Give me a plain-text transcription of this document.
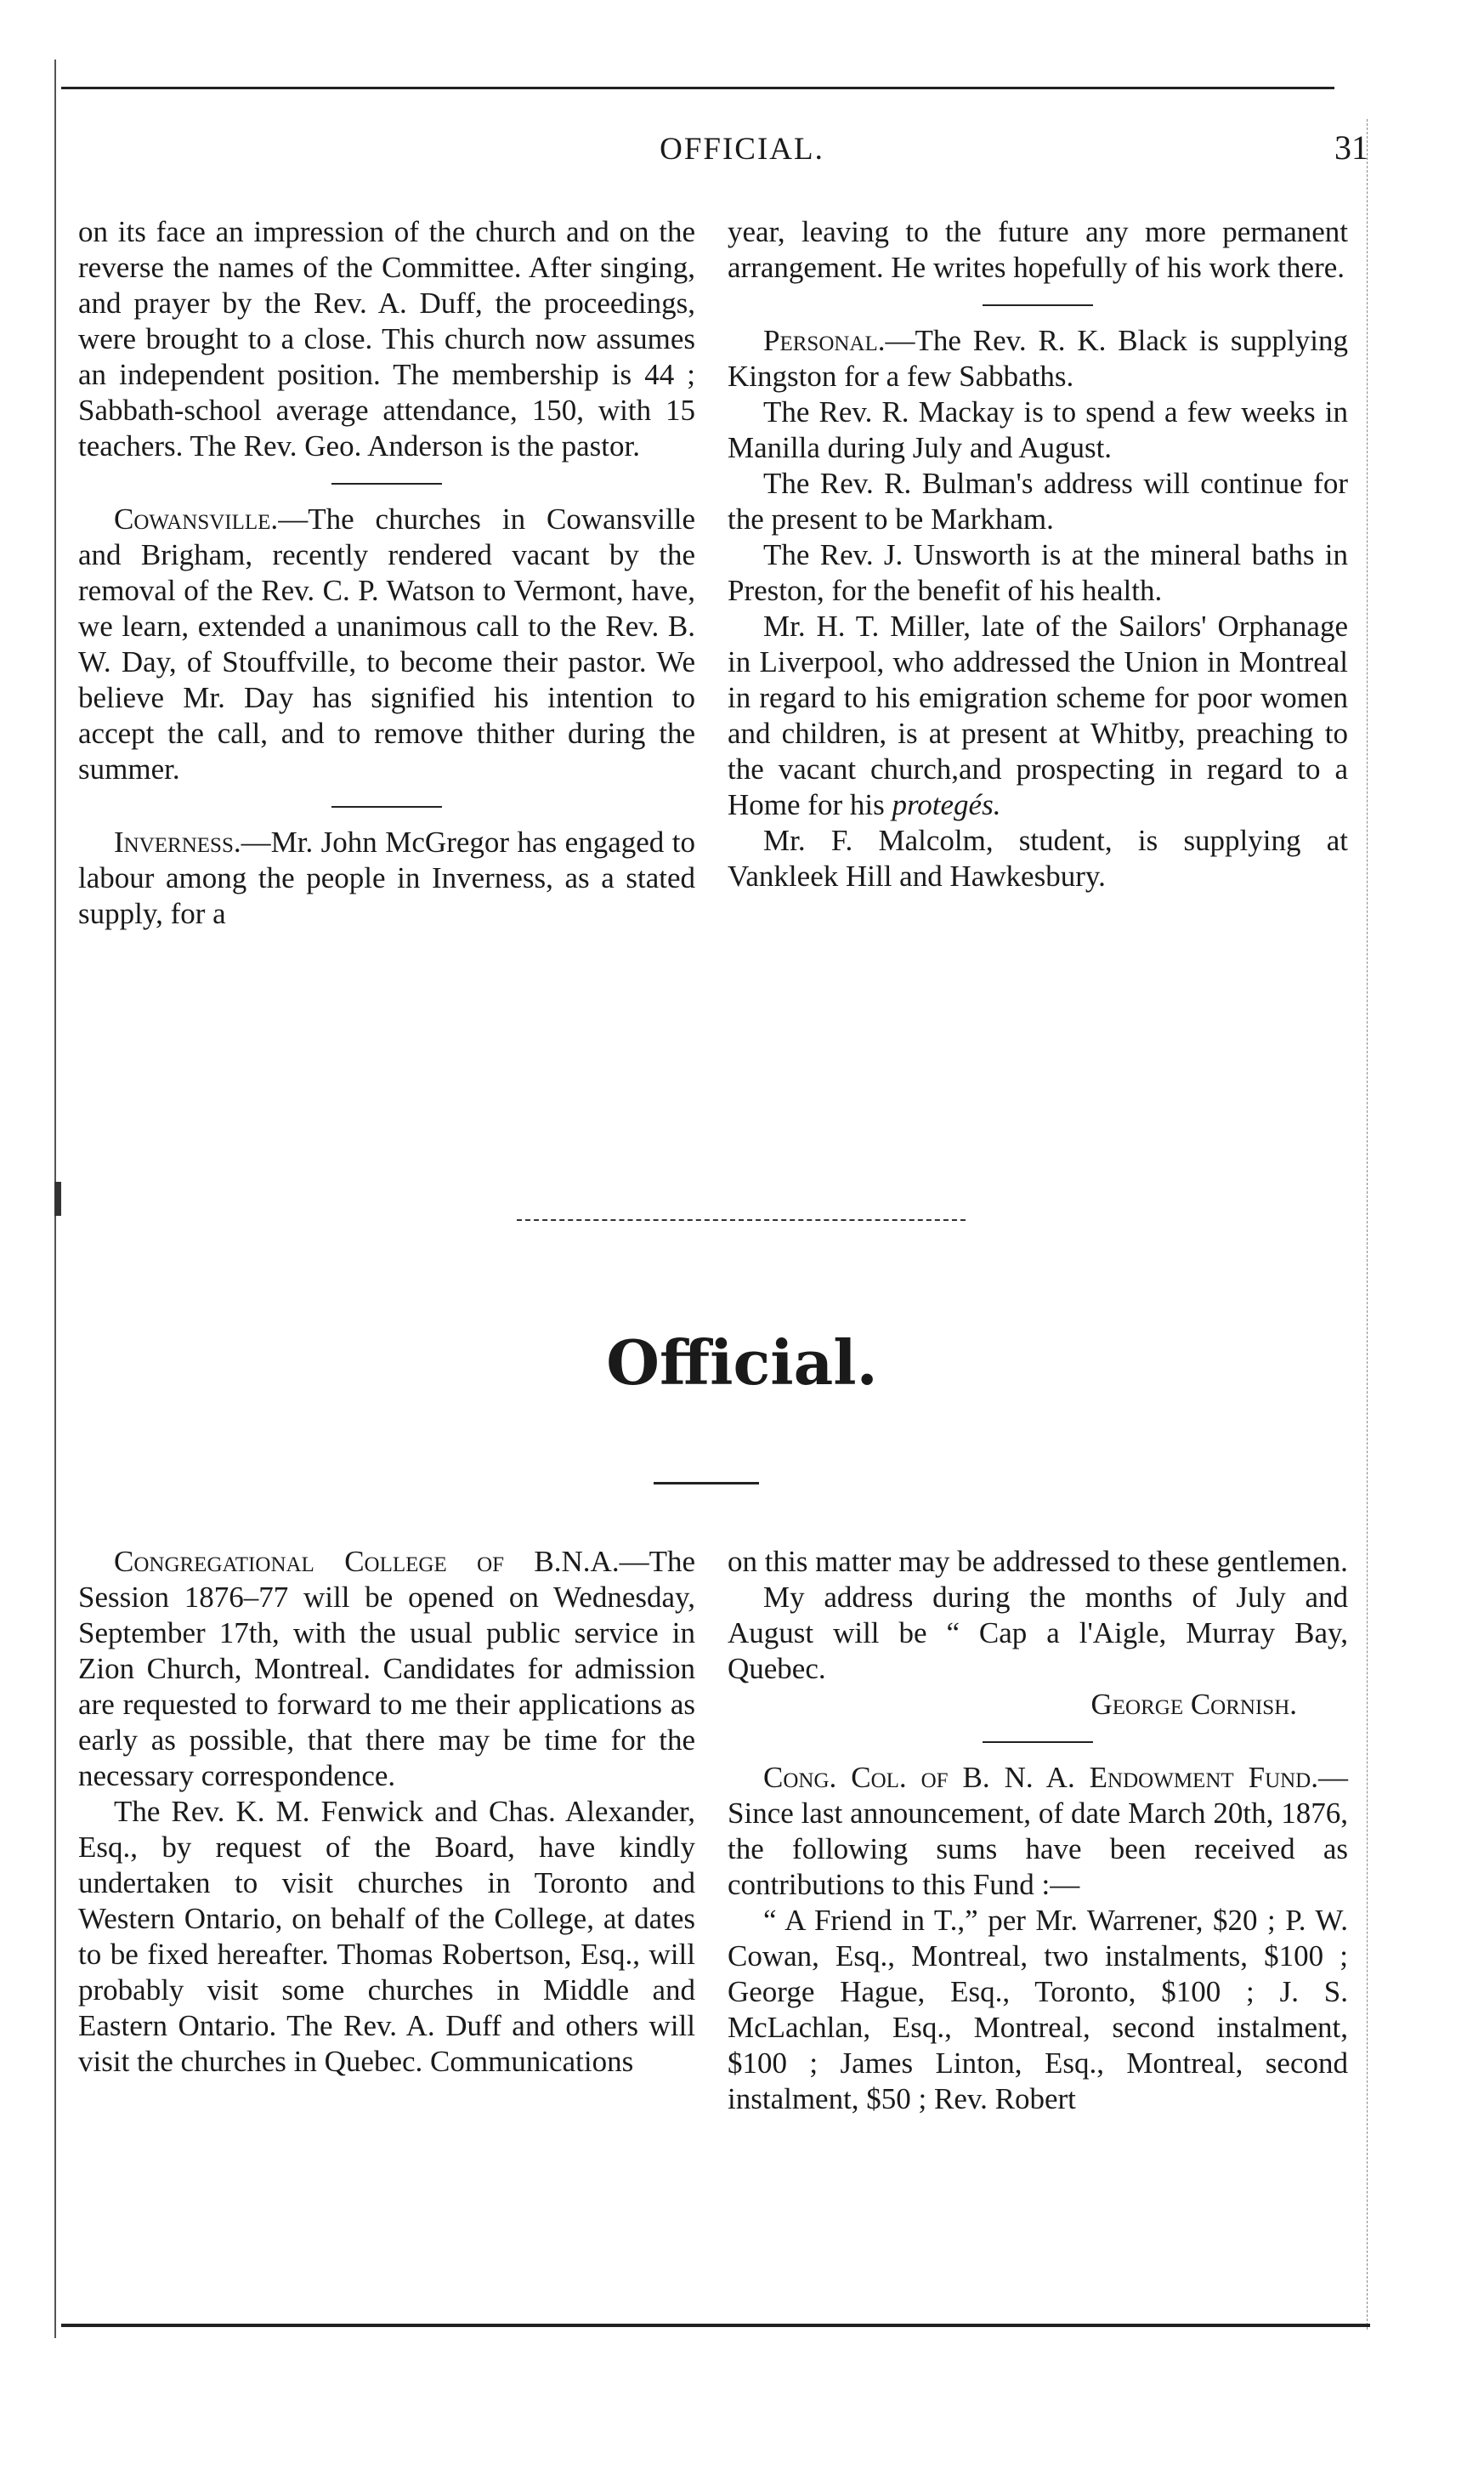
OFFICIAL.	31

on its face an impression of the church and on the reverse the names of the Committee. After singing, and prayer by the Rev. A. Duff, the proceedings, were brought to a close. This church now assumes an independent position. The membership is 44 ; Sabbath-school average attendance, 150, with 15 teachers. The Rev. Geo. Anderson is the pastor.

Cowansville.—The churches in Cowansville and Brigham, recently rendered vacant by the removal of the Rev. C. P. Watson to Vermont, have, we learn, extended a unanimous call to the Rev. B. W. Day, of Stouffville, to become their pastor. We believe Mr. Day has signified his intention to accept the call, and to remove thither during the summer.

Inverness.—Mr. John McGregor has engaged to labour among the people in Inverness, as a stated supply, for a

year, leaving to the future any more permanent arrangement. He writes hopefully of his work there.

Personal.—The Rev. R. K. Black is supplying Kingston for a few Sabbaths.

The Rev. R. Mackay is to spend a few weeks in Manilla during July and August.

The Rev. R. Bulman's address will continue for the present to be Markham.

The Rev. J. Unsworth is at the mineral baths in Preston, for the benefit of his health.

Mr. H. T. Miller, late of the Sailors' Orphanage in Liverpool, who addressed the Union in Montreal in regard to his emigration scheme for poor women and children, is at present at Whitby, preaching to the vacant church,and prospecting in regard to a Home for his protegés.

Mr. F. Malcolm, student, is supplying at Vankleek Hill and Hawkesbury.

Official.

Congregational College of B.N.A.—The Session 1876–77 will be opened on Wednesday, September 17th, with the usual public service in Zion Church, Montreal. Candidates for admission are requested to forward to me their applications as early as possible, that there may be time for the necessary correspondence.

The Rev. K. M. Fenwick and Chas. Alexander, Esq., by request of the Board, have kindly undertaken to visit churches in Toronto and Western Ontario, on behalf of the College, at dates to be fixed hereafter. Thomas Robertson, Esq., will probably visit some churches in Middle and Eastern Ontario. The Rev. A. Duff and others will visit the churches in Quebec. Communications

on this matter may be addressed to these gentlemen.

My address during the months of July and August will be “ Cap a l'Aigle, Murray Bay, Quebec.

George Cornish.

Cong. Col. of B. N. A. Endowment Fund.—Since last announcement, of date March 20th, 1876, the following sums have been received as contributions to this Fund :—

“ A Friend in T.,” per Mr. Warrener, $20 ; P. W. Cowan, Esq., Montreal, two instalments, $100 ; George Hague, Esq., Toronto, $100 ; J. S. McLachlan, Esq., Montreal, second instalment, $100 ; James Linton, Esq., Montreal, second instalment, $50 ; Rev. Robert
